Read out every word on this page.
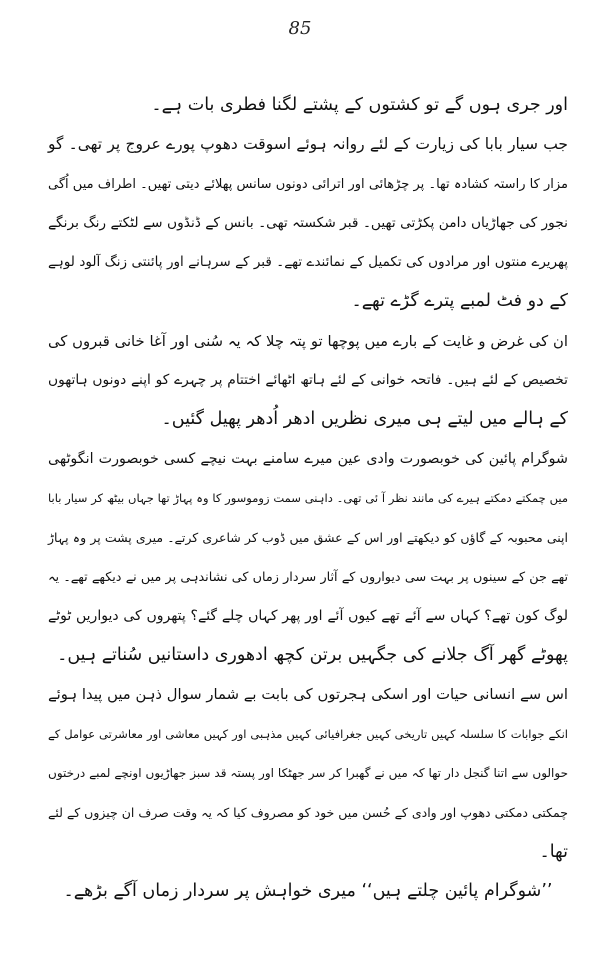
85
اور جری ہوں گے تو کشتوں کے پشتے لگنا فطری بات ہے۔
جب سیار بابا کی زیارت کے لئے روانہ ہوئے اسوقت دھوپ پورے عروج پر تھی۔ گو
مزار کا راستہ کشادہ تھا۔ پر چڑھائی اور اترائی دونوں سانس پھلائے دیتی تھیں۔ اطراف میں اُگی
نجور کی جھاڑیاں دامن پکڑتی تھیں۔ قبر شکستہ تھی۔ بانس کے ڈنڈوں سے لٹکتے رنگ برنگے
پھریرے منتوں اور مرادوں کی تکمیل کے نمائندے تھے۔ قبر کے سرہانے اور پائنتی زنگ آلود لوہے
کے دو فٹ لمبے پترے گڑے تھے۔
ان کی غرض و غایت کے بارے میں پوچھا تو پتہ چلا کہ یہ سُنی اور آغا خانی قبروں کی
تخصیص کے لئے ہیں۔ فاتحہ خوانی کے لئے ہاتھ اٹھائے اختتام پر چہرے کو اپنے دونوں ہاتھوں
کے ہالے میں لیتے ہی میری نظریں ادھر اُدھر پھیل گئیں۔
شوگرام پائین کی خوبصورت وادی عین میرے سامنے بہت نیچے کسی خوبصورت انگوٹھی
میں چمکتے دمکتے ہیرے کی مانند نظر آ ئی تھی۔ داہنی سمت زوموسور کا وہ پہاڑ تھا جہاں بیٹھ کر سیار بابا
اپنی محبوبہ کے گاؤں کو دیکھتے اور اس کے عشق میں ڈوب کر شاعری کرتے۔ میری پشت پر وہ پہاڑ
تھے جن کے سینوں پر بہت سی دیواروں کے آثار سردار زماں کی نشاندہی پر میں نے دیکھے تھے۔ یہ
لوگ کون تھے؟ کہاں سے آئے تھے کیوں آئے اور پھر کہاں چلے گئے؟ پتھروں کی دیواریں ٹوٹے
پھوٹے گھر آگ جلانے کی جگہیں برتن کچھ ادھوری داستانیں سُناتے ہیں۔
اس سے انسانی حیات اور اسکی ہجرتوں کی بابت بے شمار سوال ذہن میں پیدا ہوئے
انکے جوابات کا سلسلہ کہیں تاریخی کہیں جغرافیائی کہیں مذہبی اور کہیں معاشی اور معاشرتی عوامل کے
حوالوں سے اتنا گنجل دار تھا کہ میں نے گھبرا کر سر جھٹکا اور پستہ قد سبز جھاڑیوں اونچے لمبے درختوں
چمکتی دمکتی دھوپ اور وادی کے حُسن میں خود کو مصروف کیا کہ یہ وقت صرف ان چیزوں کے لئے
تھا۔
’’شوگرام پائین چلتے ہیں‘‘ میری خواہش پر سردار زماں آگے بڑھے۔
